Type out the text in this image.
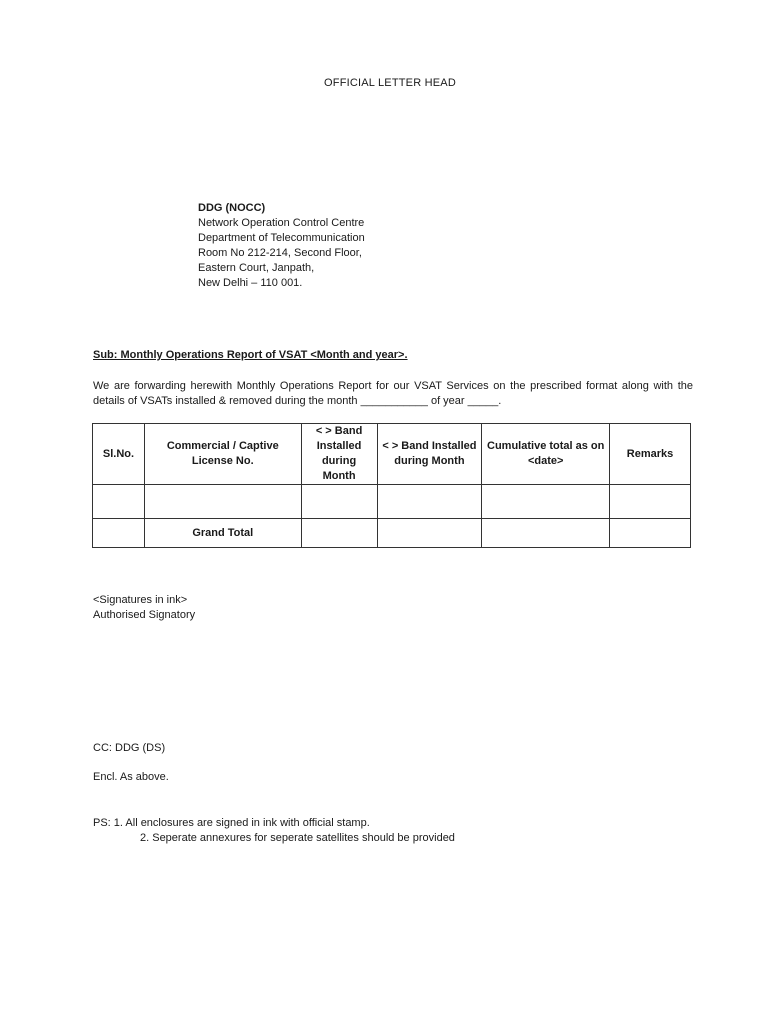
OFFICIAL LETTER HEAD
DDG (NOCC)
Network Operation Control Centre
Department of Telecommunication
Room No 212-214, Second Floor,
Eastern Court, Janpath,
New Delhi – 110 001.
Sub: Monthly Operations Report of VSAT <Month and year>.
We are forwarding herewith Monthly Operations Report for our VSAT Services on the prescribed format along with the details of VSATs installed & removed during the month ___________ of year _____.
Sl.No.	Commercial / Captive License No.	< > Band Installed during Month	< > Band Installed during Month	Cumulative total as on <date>	Remarks

	Grand Total				
<Signatures in ink>
Authorised Signatory
CC: DDG (DS)
Encl. As above.
PS: 1. All enclosures are signed in ink with official stamp.
2. Seperate annexures for seperate satellites should be provided
